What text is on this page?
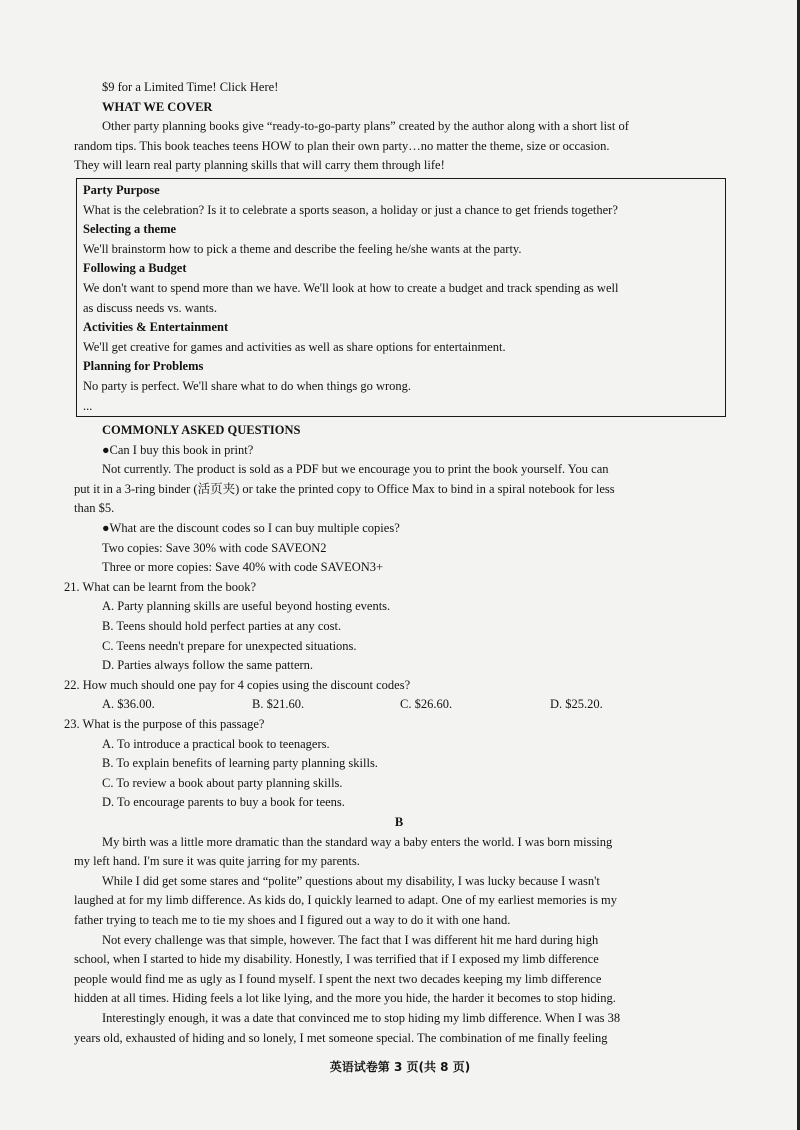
$9 for a Limited Time! Click Here!
WHAT WE COVER
Other party planning books give “ready-to-go-party plans” created by the author along with a short list of
random tips. This book teaches teens HOW to plan their own party…no matter the theme, size or occasion.
They will learn real party planning skills that will carry them through life!
Party Purpose
What is the celebration? Is it to celebrate a sports season, a holiday or just a chance to get friends together?
Selecting a theme
We'll brainstorm how to pick a theme and describe the feeling he/she wants at the party.
Following a Budget
We don't want to spend more than we have. We'll look at how to create a budget and track spending as well
as discuss needs vs. wants.
Activities & Entertainment
We'll get creative for games and activities as well as share options for entertainment.
Planning for Problems
No party is perfect. We'll share what to do when things go wrong.
...
COMMONLY ASKED QUESTIONS
●Can I buy this book in print?
Not currently. The product is sold as a PDF but we encourage you to print the book yourself. You can
put it in a 3-ring binder (活页夹) or take the printed copy to Office Max to bind in a spiral notebook for less
than $5.
●What are the discount codes so I can buy multiple copies?
Two copies: Save 30% with code SAVEON2
Three or more copies: Save 40% with code SAVEON3+
21. What can be learnt from the book?
A. Party planning skills are useful beyond hosting events.
B. Teens should hold perfect parties at any cost.
C. Teens needn't prepare for unexpected situations.
D. Parties always follow the same pattern.
22. How much should one pay for 4 copies using the discount codes?
A. $36.00.	B. $21.60.	C. $26.60.	D. $25.20.
23. What is the purpose of this passage?
A. To introduce a practical book to teenagers.
B. To explain benefits of learning party planning skills.
C. To review a book about party planning skills.
D. To encourage parents to buy a book for teens.
B
My birth was a little more dramatic than the standard way a baby enters the world. I was born missing
my left hand. I'm sure it was quite jarring for my parents.
While I did get some stares and “polite” questions about my disability, I was lucky because I wasn't
laughed at for my limb difference. As kids do, I quickly learned to adapt. One of my earliest memories is my
father trying to teach me to tie my shoes and I figured out a way to do it with one hand.
Not every challenge was that simple, however. The fact that I was different hit me hard during high
school, when I started to hide my disability. Honestly, I was terrified that if I exposed my limb difference
people would find me as ugly as I found myself. I spent the next two decades keeping my limb difference
hidden at all times. Hiding feels a lot like lying, and the more you hide, the harder it becomes to stop hiding.
Interestingly enough, it was a date that convinced me to stop hiding my limb difference. When I was 38
years old, exhausted of hiding and so lonely, I met someone special. The combination of me finally feeling
英语试卷第 3 页(共 8 页)
